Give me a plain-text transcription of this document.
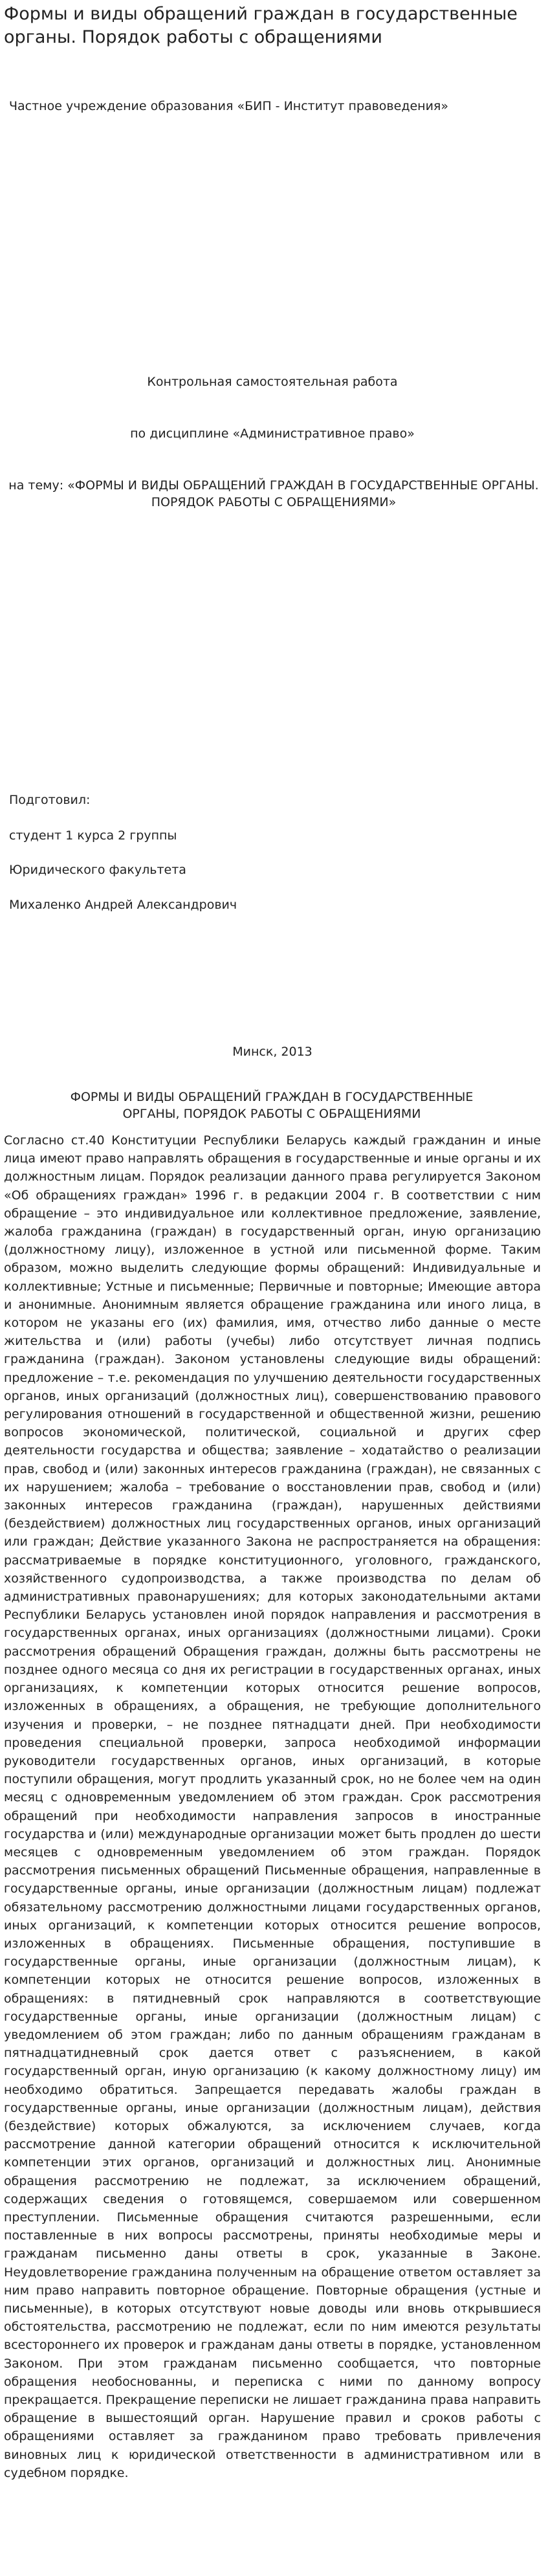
Формы и виды обращений граждан в государственные органы. Порядок работы с обращениями

Частное учреждение образования «БИП - Институт правоведения»

Контрольная самостоятельная работа

по дисциплине «Административное право»

на тему: «ФОРМЫ И ВИДЫ ОБРАЩЕНИЙ ГРАЖДАН В ГОСУДАРСТВЕННЫЕ ОРГАНЫ. ПОРЯДОК РАБОТЫ С ОБРАЩЕНИЯМИ»

Подготовил:

студент 1 курса 2 группы

Юридического факультета

Михаленко Андрей Александрович

Минск, 2013

ФОРМЫ И ВИДЫ ОБРАЩЕНИЙ ГРАЖДАН В ГОСУДАРСТВЕННЫЕ ОРГАНЫ, ПОРЯДОК РАБОТЫ С ОБРАЩЕНИЯМИ

Согласно ст.40 Конституции Республики Беларусь каждый гражданин и иные лица имеют право направлять обращения в государственные и иные органы и их должностным лицам. Порядок реализации данного права регулируется Законом «Об обращениях граждан» 1996 г. в редакции 2004 г. В соответствии с ним обращение – это индивидуальное или коллективное предложение, заявление, жалоба гражданина (граждан) в государственный орган, иную организацию (должностному лицу), изложенное в устной или письменной форме. Таким образом, можно выделить следующие формы обращений: Индивидуальные и коллективные; Устные и письменные; Первичные и повторные; Имеющие автора и анонимные. Анонимным является обращение гражданина или иного лица, в котором не указаны его (их) фамилия, имя, отчество либо данные о месте жительства и (или) работы (учебы) либо отсутствует личная подпись гражданина (граждан). Законом установлены следующие виды обращений: предложение – т.е. рекомендация по улучшению деятельности государственных органов, иных организаций (должностных лиц), совершенствованию правового регулирования отношений в государственной и общественной жизни, решению вопросов экономической, политической, социальной и других сфер деятельности государства и общества; заявление – ходатайство о реализации прав, свобод и (или) законных интересов гражданина (граждан), не связанных с их нарушением; жалоба – требование о восстановлении прав, свобод и (или) законных интересов гражданина (граждан), нарушенных действиями (бездействием) должностных лиц государственных органов, иных организаций или граждан; Действие указанного Закона не распространяется на обращения: рассматриваемые в порядке конституционного, уголовного, гражданского, хозяйственного судопроизводства, а также производства по делам об административных правонарушениях; для которых законодательными актами Республики Беларусь установлен иной порядок направления и рассмотрения в государственных органах, иных организациях (должностными лицами). Сроки рассмотрения обращений Обращения граждан, должны быть рассмотрены не позднее одного месяца со дня их регистрации в государственных органах, иных организациях, к компетенции которых относится решение вопросов, изложенных в обращениях, а обращения, не требующие дополнительного изучения и проверки, – не позднее пятнадцати дней. При необходимости проведения специальной проверки, запроса необходимой информации руководители государственных органов, иных организаций, в которые поступили обращения, могут продлить указанный срок, но не более чем на один месяц с одновременным уведомлением об этом граждан. Срок рассмотрения обращений при необходимости направления запросов в иностранные государства и (или) международные организации может быть продлен до шести месяцев с одновременным уведомлением об этом граждан. Порядок рассмотрения письменных обращений Письменные обращения, направленные в государственные органы, иные организации (должностным лицам) подлежат обязательному рассмотрению должностными лицами государственных органов, иных организаций, к компетенции которых относится решение вопросов, изложенных в обращениях. Письменные обращения, поступившие в государственные органы, иные организации (должностным лицам), к компетенции которых не относится решение вопросов, изложенных в обращениях: в пятидневный срок направляются в соответствующие государственные органы, иные организации (должностным лицам) с уведомлением об этом граждан; либо по данным обращениям гражданам в пятнадцатидневный срок дается ответ с разъяснением, в какой государственный орган, иную организацию (к какому должностному лицу) им необходимо обратиться. Запрещается передавать жалобы граждан в государственные органы, иные организации (должностным лицам), действия (бездействие) которых обжалуются, за исключением случаев, когда рассмотрение данной категории обращений относится к исключительной компетенции этих органов, организаций и должностных лиц. Анонимные обращения рассмотрению не подлежат, за исключением обращений, содержащих сведения о готовящемся, совершаемом или совершенном преступлении. Письменные обращения считаются разрешенными, если поставленные в них вопросы рассмотрены, приняты необходимые меры и гражданам письменно даны ответы в срок, указанные в Законе. Неудовлетворение гражданина полученным на обращение ответом оставляет за ним право направить повторное обращение. Повторные обращения (устные и письменные), в которых отсутствуют новые доводы или вновь открывшиеся обстоятельства, рассмотрению не подлежат, если по ним имеются результаты всестороннего их проверок и гражданам даны ответы в порядке, установленном Законом. При этом гражданам письменно сообщается, что повторные обращения необоснованны, и переписка с ними по данному вопросу прекращается. Прекращение переписки не лишает гражданина права направить обращение в вышестоящий орган. Нарушение правил и сроков работы с обращениями оставляет за гражданином право требовать привлечения виновных лиц к юридической ответственности в административном или в судебном порядке.
